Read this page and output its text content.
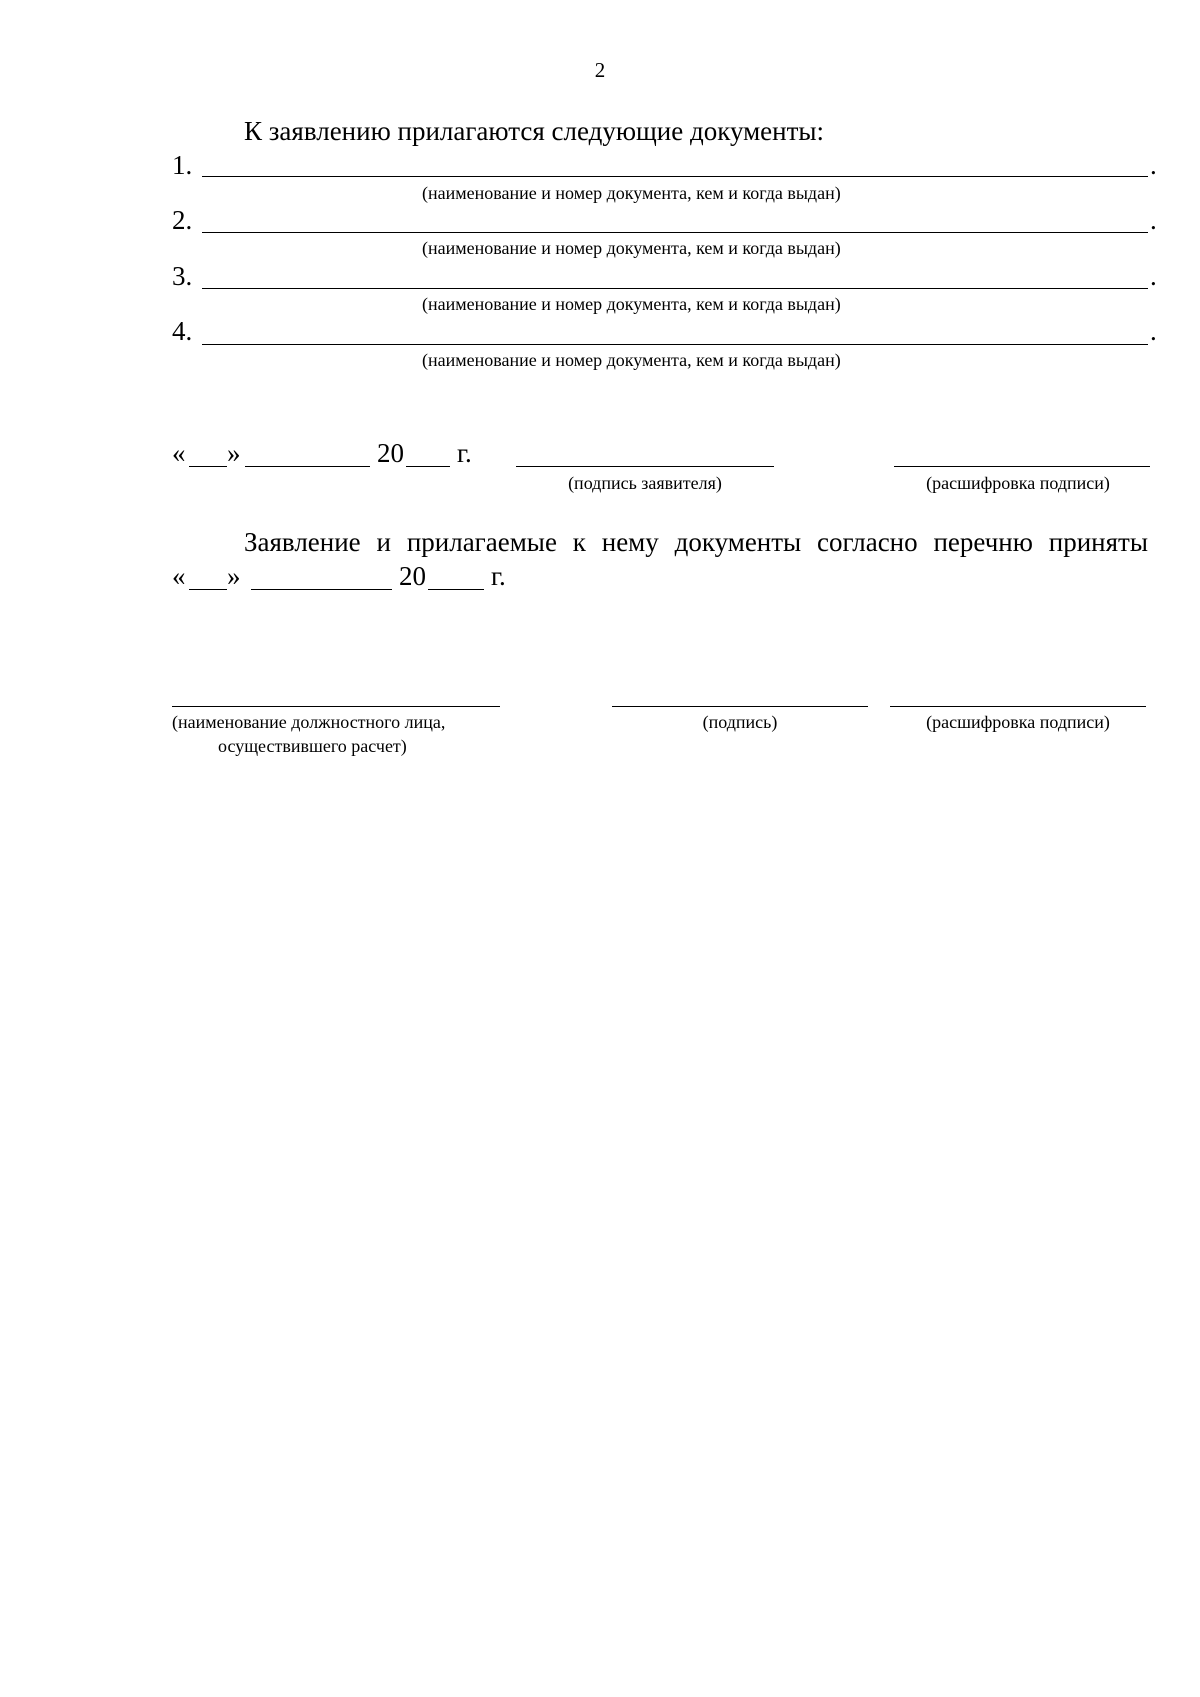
2
К заявлению прилагаются следующие документы:
1.	.
(наименование и номер документа, кем и когда выдан)
2.	.
(наименование и номер документа, кем и когда выдан)
3.	.
(наименование и номер документа, кем и когда выдан)
4.	.
(наименование и номер документа, кем и когда выдан)
« »	20 г.
(подпись заявителя)	(расшифровка подписи)
Заявление и прилагаемые к нему документы согласно перечню приняты
« »	20 г.
(наименование должностного лица,
осуществившего расчет)
(подпись)	(расшифровка подписи)
